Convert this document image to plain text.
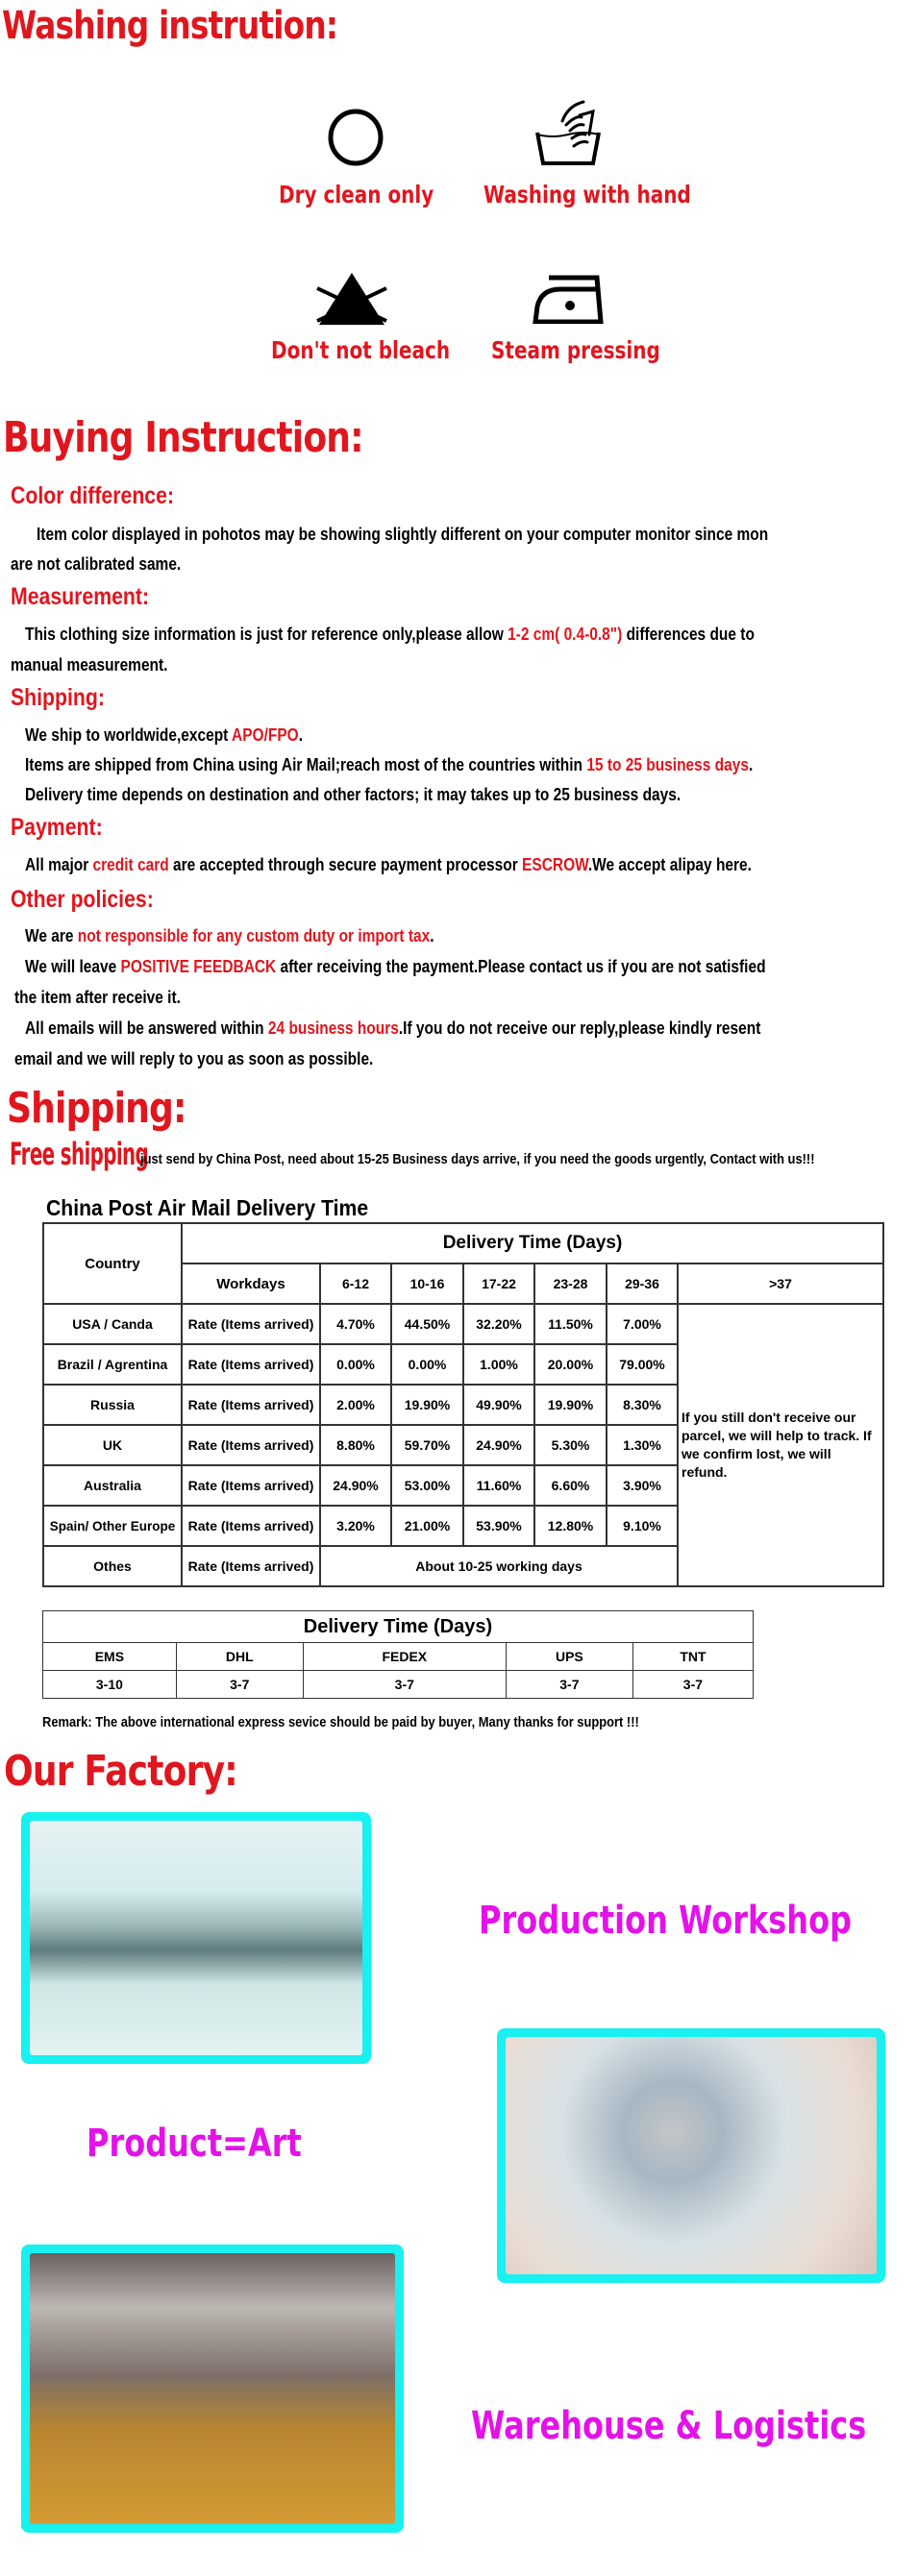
Washing instrution:
Dry clean only Washing with hand
Don't not bleach Steam pressing
Buying Instruction:
Color difference:
Item color displayed in pohotos may be showing slightly different on your computer monitor since mon
are not calibrated same.
Measurement:
This clothing size information is just for reference only,please allow 1-2 cm( 0.4-0.8") differences due to
manual measurement.
Shipping:
We ship to worldwide,except APO/FPO.
Items are shipped from China using Air Mail;reach most of the countries within 15 to 25 business days.
Delivery time depends on destination and other factors; it may takes up to 25 business days.
Payment:
All major credit card are accepted through secure payment processor ESCROW.We accept alipay here.
Other policies:
We are not responsible for any custom duty or import tax.
We will leave POSITIVE FEEDBACK after receiving the payment.Please contact us if you are not satisfied
the item after receive it.
All emails will be answered within 24 business hours.If you do not receive our reply,please kindly resent
email and we will reply to you as soon as possible.
Shipping:
Free shipping
just send by China Post, need about 15-25 Business days arrive, if you need the goods urgently, Contact with us!!!
China Post Air Mail Delivery Time
Country	Delivery Time (Days)						
	Workdays	6-12	10-16	17-22	23-28	29-36	>37
USA / Canda	Rate (Items arrived)	4.70%	44.50%	32.20%	11.50%	7.00%	If you still don't receive our parcel, we will help to track. If we confirm lost, we will refund.
Brazil / Agrentina	Rate (Items arrived)	0.00%	0.00%	1.00%	20.00%	79.00%	
Russia	Rate (Items arrived)	2.00%	19.90%	49.90%	19.90%	8.30%	
UK	Rate (Items arrived)	8.80%	59.70%	24.90%	5.30%	1.30%	
Australia	Rate (Items arrived)	24.90%	53.00%	11.60%	6.60%	3.90%	
Spain/ Other Europe	Rate (Items arrived)	3.20%	21.00%	53.90%	12.80%	9.10%	
Othes	Rate (Items arrived)	About 10-25 working days					
Delivery Time (Days)				
EMS	DHL	FEDEX	UPS	TNT
3-10	3-7	3-7	3-7	3-7
Remark: The above international express sevice should be paid by buyer, Many thanks for support !!!
Our Factory:
Production Workshop
Product=Art
Warehouse & Logistics
